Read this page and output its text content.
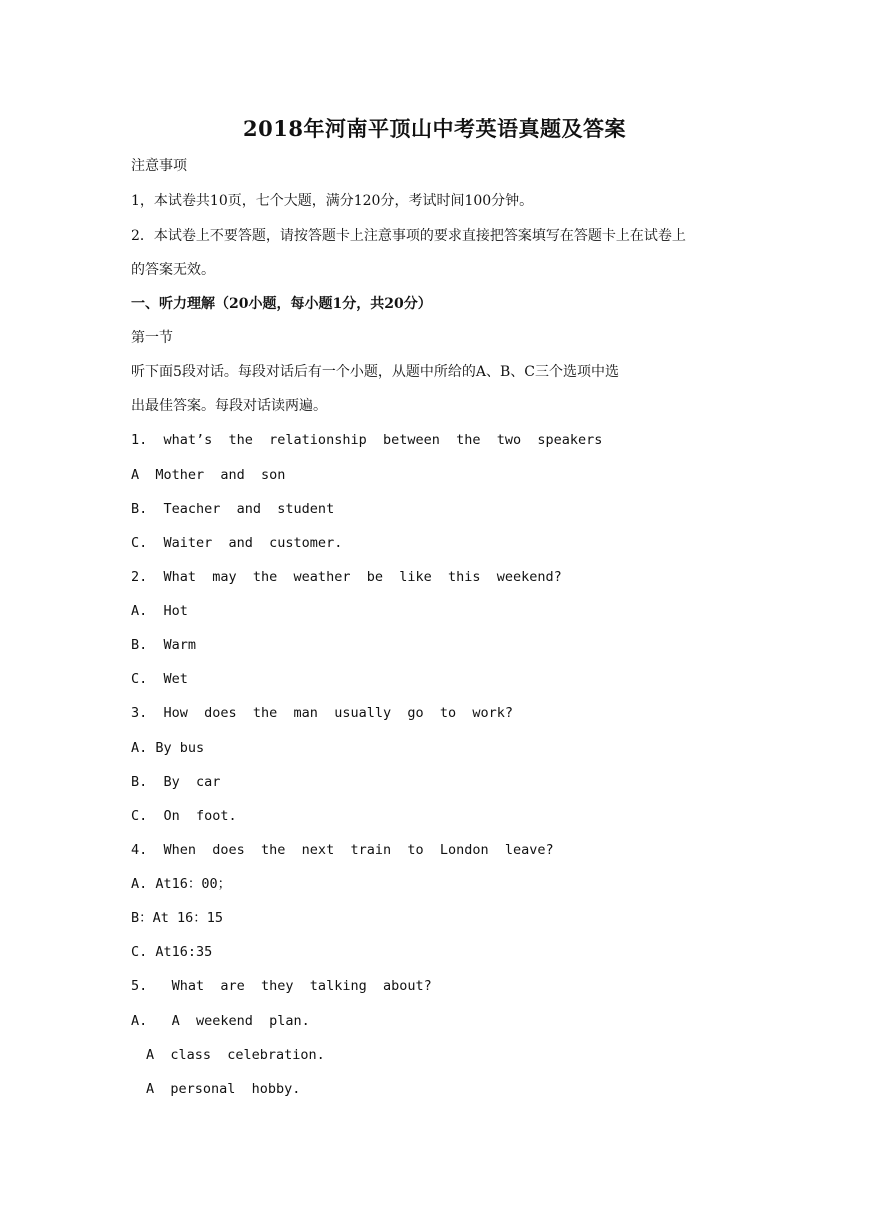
2018年河南平顶山中考英语真题及答案
注意事项
1，本试卷共10页，七个大题，满分120分，考试时间100分钟。
2．本试卷上不要答题，请按答题卡上注意事项的要求直接把答案填写在答题卡上在试卷上
的答案无效。
一、听力理解（20小题，每小题1分，共20分）
第一节
听下面5段对话。每段对话后有一个小题，从题中所给的A、B、C三个选项中选
出最佳答案。每段对话读两遍。
1.  what’s  the  relationship  between  the  two  speakers
A  Mother  and  son
B.  Teacher  and  student
C.  Waiter  and  customer.
2.  What  may  the  weather  be  like  this  weekend?
A.  Hot
B.  Warm
C.  Wet
3.  How  does  the  man  usually  go  to  work?
A. By bus
B.  By  car
C.  On  foot.
4.  When  does  the  next  train  to  London  leave?
A. At16：00；
B：At 16：15
C. At16:35
5.   What  are  they  talking  about?
A.   A  weekend  plan.
A  class  celebration.
A  personal  hobby.
